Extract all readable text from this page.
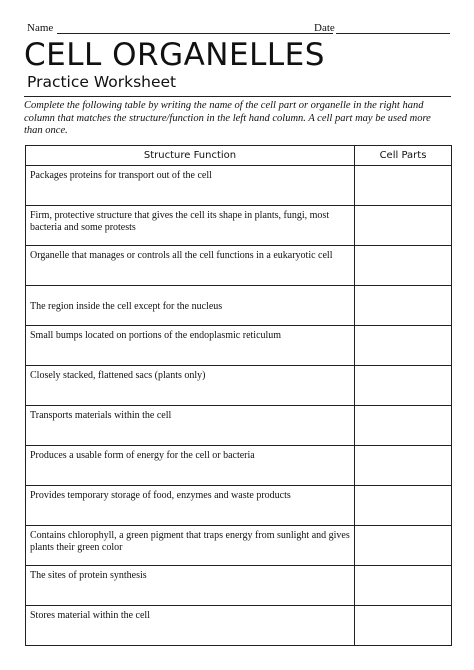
Name	Date
CELL ORGANELLES
Practice Worksheet

Complete the following table by writing the name of the cell part or organelle in the right hand column that matches the structure/function in the left hand column. A cell part may be used more than once.

Structure Function	Cell Parts
Packages proteins for transport out of the cell	
Firm, protective structure that gives the cell its shape in plants, fungi, most bacteria and some protests	
Organelle that manages or controls all the cell functions in a eukaryotic cell	
The region inside the cell except for the nucleus	
Small bumps located on portions of the endoplasmic reticulum	
Closely stacked, flattened sacs (plants only)	
Transports materials within the cell	
Produces a usable form of energy for the cell or bacteria	
Provides temporary storage of food, enzymes and waste products	
Contains chlorophyll, a green pigment that traps energy from sunlight and gives plants their green color	
The sites of protein synthesis	
Stores material within the cell	
